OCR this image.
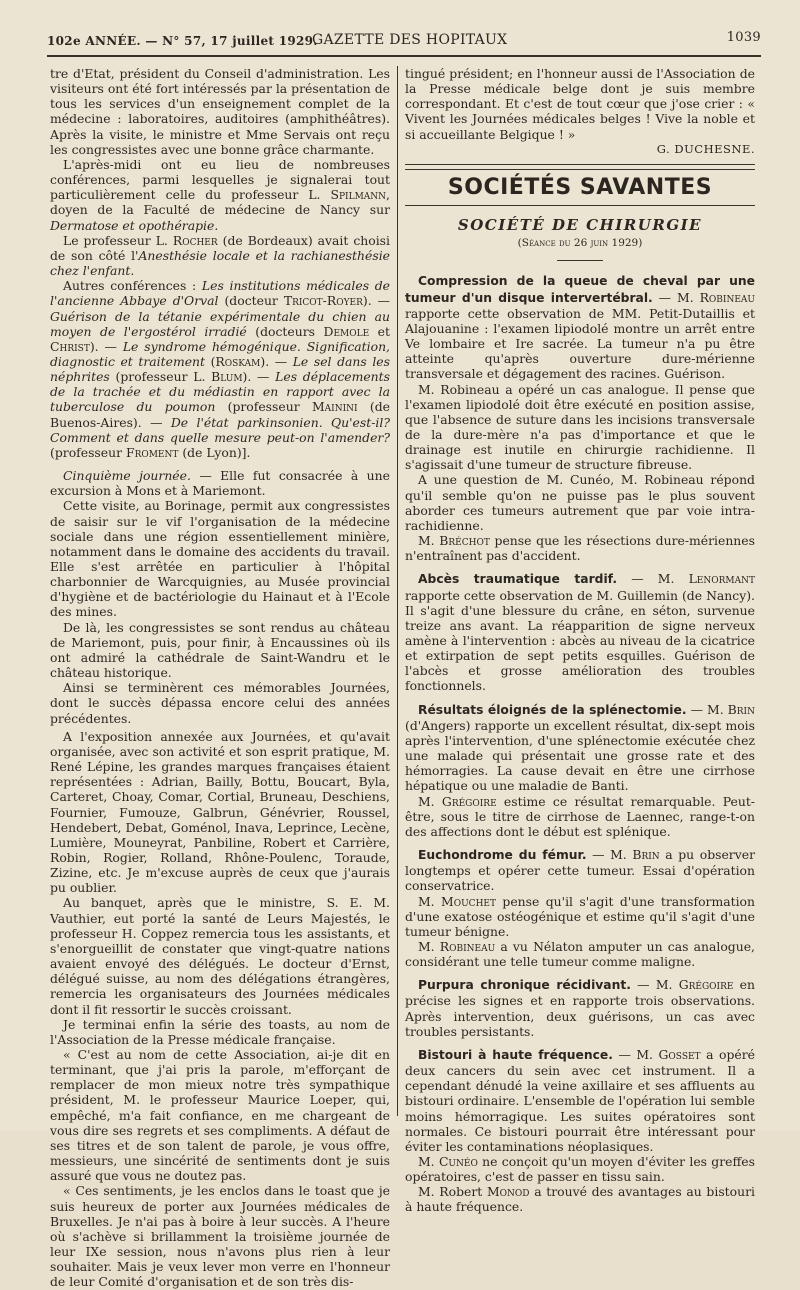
102e ANNÉE. — N° 57, 17 juillet 1929.
GAZETTE DES HOPITAUX	1039

tre d'Etat, président du Conseil d'administration. Les visiteurs ont été fort intéressés par la présentation de tous les services d'un enseignement complet de la médecine : laboratoires, auditoires (amphithéâtres). Après la visite, le ministre et Mme Servais ont reçu les congressistes avec une bonne grâce charmante.

L'après-midi ont eu lieu de nombreuses conférences, parmi lesquelles je signalerai tout particulièrement celle du professeur L. Spilmann, doyen de la Faculté de médecine de Nancy sur Dermatose et opothérapie.

Le professeur L. Rocher (de Bordeaux) avait choisi de son côté l'Anesthésie locale et la rachianesthésie chez l'enfant.

Autres conférences : Les institutions médicales de l'ancienne Abbaye d'Orval (docteur Tricot-Royer). — Guérison de la tétanie expérimentale du chien au moyen de l'ergostérol irradié (docteurs Demole et Christ). — Le syndrome hémogénique. Signification, diagnostic et traitement (Roskam). — Le sel dans les néphrites (professeur L. Blum). — Les déplacements de la trachée et du médiastin en rapport avec la tuberculose du poumon (professeur Mainini (de Buenos-Aires). — De l'état parkinsonien. Qu'est-il? Comment et dans quelle mesure peut-on l'amender? (professeur Froment (de Lyon)].

Cinquième journée. — Elle fut consacrée à une excursion à Mons et à Mariemont.

Cette visite, au Borinage, permit aux congressistes de saisir sur le vif l'organisation de la médecine sociale dans une région essentiellement minière, notamment dans le domaine des accidents du travail. Elle s'est arrêtée en particulier à l'hôpital charbonnier de Warcquignies, au Musée provincial d'hygiène et de bactériologie du Hainaut et à l'Ecole des mines.

De là, les congressistes se sont rendus au château de Mariemont, puis, pour finir, à Encaussines où ils ont admiré la cathédrale de Saint-Wandru et le château historique.

Ainsi se terminèrent ces mémorables Journées, dont le succès dépassa encore celui des années précédentes.

A l'exposition annexée aux Journées, et qu'avait organisée, avec son activité et son esprit pratique, M. René Lépine, les grandes marques françaises étaient représentées : Adrian, Bailly, Bottu, Boucart, Byla, Carteret, Choay, Comar, Cortial, Bruneau, Deschiens, Fournier, Fumouze, Galbrun, Génévrier, Roussel, Hendebert, Debat, Goménol, Inava, Leprince, Lecène, Lumière, Mouneyrat, Panbiline, Robert et Carrière, Robin, Rogier, Rolland, Rhône-Poulenc, Toraude, Zizine, etc. Je m'excuse auprès de ceux que j'aurais pu oublier.

Au banquet, après que le ministre, S. E. M. Vauthier, eut porté la santé de Leurs Majestés, le professeur H. Coppez remercia tous les assistants, et s'enorgueillit de constater que vingt-quatre nations avaient envoyé des délégués. Le docteur d'Ernst, délégué suisse, au nom des délégations étrangères, remercia les organisateurs des Journées médicales dont il fit ressortir le succès croissant.

Je terminai enfin la série des toasts, au nom de l'Association de la Presse médicale française.

« C'est au nom de cette Association, ai-je dit en terminant, que j'ai pris la parole, m'efforçant de remplacer de mon mieux notre très sympathique président, M. le professeur Maurice Loeper, qui, empêché, m'a fait confiance, en me chargeant de vous dire ses regrets et ses compliments. A défaut de ses titres et de son talent de parole, je vous offre, messieurs, une sincérité de sentiments dont je suis assuré que vous ne doutez pas.

« Ces sentiments, je les enclos dans le toast que je suis heureux de porter aux Journées médicales de Bruxelles. Je n'ai pas à boire à leur succès. A l'heure où s'achève si brillamment la troisième journée de leur IXe session, nous n'avons plus rien à leur souhaiter. Mais je veux lever mon verre en l'honneur de leur Comité d'organisation et de son très dis-

tingué président; en l'honneur aussi de l'Association de la Presse médicale belge dont je suis membre correspondant. Et c'est de tout cœur que j'ose crier : « Vivent les Journées médicales belges ! Vive la noble et si accueillante Belgique ! »

G. DUCHESNE.
SOCIÉTÉS SAVANTES
SOCIÉTÉ DE CHIRURGIE
(Séance du 26 juin 1929)

Compression de la queue de cheval par une tumeur d'un disque intervertébral. — M. Robineau rapporte cette observation de MM. Petit-Dutaillis et Alajouanine : l'examen lipiodolé montre un arrêt entre Ve lombaire et Ire sacrée. La tumeur n'a pu être atteinte qu'après ouverture dure-mérienne transversale et dégagement des racines. Guérison.

M. Robineau a opéré un cas analogue. Il pense que l'examen lipiodolé doit être exécuté en position assise, que l'absence de suture dans les incisions transversale de la dure-mère n'a pas d'importance et que le drainage est inutile en chirurgie rachidienne. Il s'agissait d'une tumeur de structure fibreuse.

A une question de M. Cunéo, M. Robineau répond qu'il semble qu'on ne puisse pas le plus souvent aborder ces tumeurs autrement que par voie intra-rachidienne.

M. Bréchot pense que les résections dure-mériennes n'entraînent pas d'accident.

Abcès traumatique tardif. — M. Lenormant rapporte cette observation de M. Guillemin (de Nancy). Il s'agit d'une blessure du crâne, en séton, survenue treize ans avant. La réapparition de signe nerveux amène à l'intervention : abcès au niveau de la cicatrice et extirpation de sept petits esquilles. Guérison de l'abcès et grosse amélioration des troubles fonctionnels.

Résultats éloignés de la splénectomie. — M. Brin (d'Angers) rapporte un excellent résultat, dix-sept mois après l'intervention, d'une splénectomie exécutée chez une malade qui présentait une grosse rate et des hémorragies. La cause devait en être une cirrhose hépatique ou une maladie de Banti.

M. Grégoire estime ce résultat remarquable. Peut-être, sous le titre de cirrhose de Laennec, range-t-on des affections dont le début est splénique.

Euchondrome du fémur. — M. Brin a pu observer longtemps et opérer cette tumeur. Essai d'opération conservatrice.

M. Mouchet pense qu'il s'agit d'une transformation d'une exatose ostéogénique et estime qu'il s'agit d'une tumeur bénigne.

M. Robineau a vu Nélaton amputer un cas analogue, considérant une telle tumeur comme maligne.

Purpura chronique récidivant. — M. Grégoire en précise les signes et en rapporte trois observations. Après intervention, deux guérisons, un cas avec troubles persistants.

Bistouri à haute fréquence. — M. Gosset a opéré deux cancers du sein avec cet instrument. Il a cependant dénudé la veine axillaire et ses affluents au bistouri ordinaire. L'ensemble de l'opération lui semble moins hémorragique. Les suites opératoires sont normales. Ce bistouri pourrait être intéressant pour éviter les contaminations néoplasiques.

M. Cunéo ne conçoit qu'un moyen d'éviter les greffes opératoires, c'est de passer en tissu sain.

M. Robert Monod a trouvé des avantages au bistouri à haute fréquence.
